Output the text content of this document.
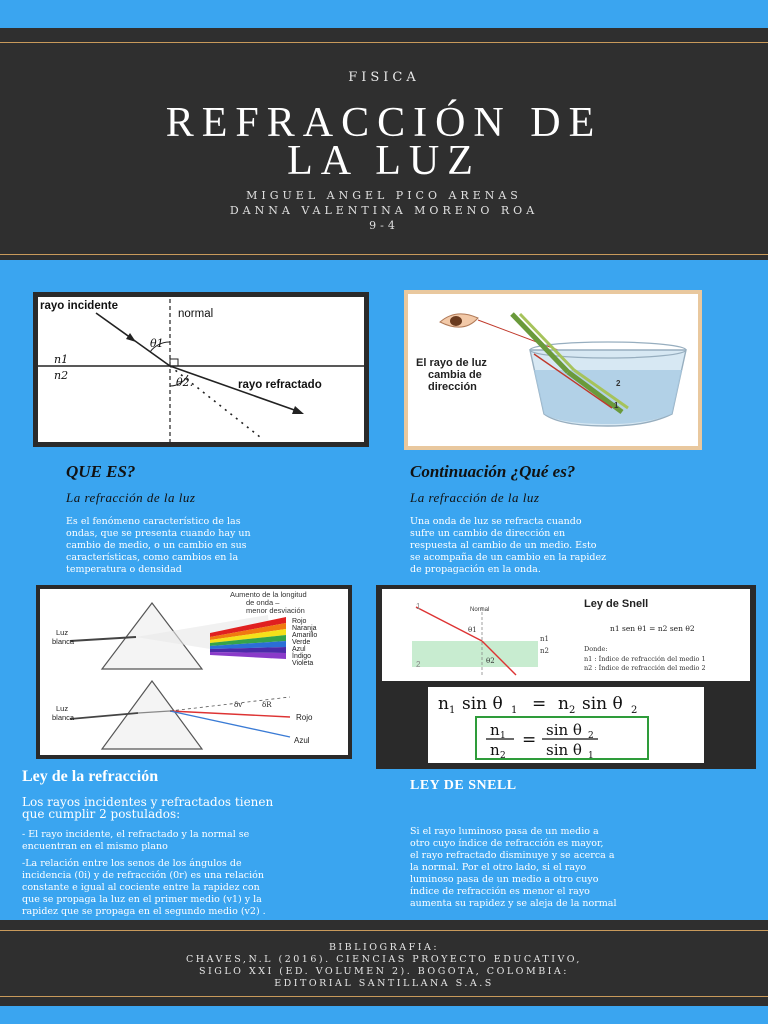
FISICA
REFRACCIÓN DE
LA LUZ
MIGUEL ANGEL PICO ARENAS
DANNA VALENTINA MORENO ROA
9-4
rayo incidente
normal
θ1
θ2.	rayo refractado
n1
n2
2
1
El rayo de luz
cambia de
dirección
QUE ES?
La refracción de la luz
Es el fenómeno característico de las
ondas, que se presenta cuando hay un
cambio de medio, o un cambio en sus
características, como cambios en la
temperatura o densidad
Continuación ¿Qué es?
La refracción de la luz
Una onda de luz se refracta cuando
sufre un cambio de dirección en
respuesta al cambio de un medio. Esto
se acompaña de un cambio en la rapidez
de propagación en la onda.
Aumento de la longitud
de onda –
menor desviación
Rojo
Naranja
Amarillo
Verde
Azul
Índigo
Violeta
Luz
blanca
Rojo
Azul
δv	δR
Luz
blanca
Normal
θ1
θ2
n1
n2
1
2
Ley de Snell
n1 sen θ1 = n2 sen θ2
Donde:
n1 : Índice de refracción del medio 1
n2 : Índice de refracción del medio 2
n 1 sin θ 1 = n 2 sin θ 2
n 1
n 2
= sin θ 2
sin θ 1
Ley de la refracción
Los rayos incidentes y refractados tienen
que cumplir 2 postulados:
- El rayo incidente, el refractado y la normal se
encuentran en el mismo plano
-La relación entre los senos de los ángulos de
incidencia (0i) y de refracción (0r) es una relación
constante e igual al cociente entre la rapidez con
que se propaga la luz en el primer medio (v1) y la
rapidez que se propaga en el segundo medio (v2) .
LEY DE SNELL
Si el rayo luminoso pasa de un medio a
otro cuyo índice de refracción es mayor,
el rayo refractado disminuye y se acerca a
la normal. Por el otro lado, si el rayo
luminoso pasa de un medio a otro cuyo
índice de refracción es menor el rayo
aumenta su rapidez y se aleja de la normal
BIBLIOGRAFIA:
CHAVES,N.L (2016). CIENCIAS PROYECTO EDUCATIVO,
SIGLO XXI (ED. VOLUMEN 2). BOGOTA, COLOMBIA:
EDITORIAL SANTILLANA S.A.S
